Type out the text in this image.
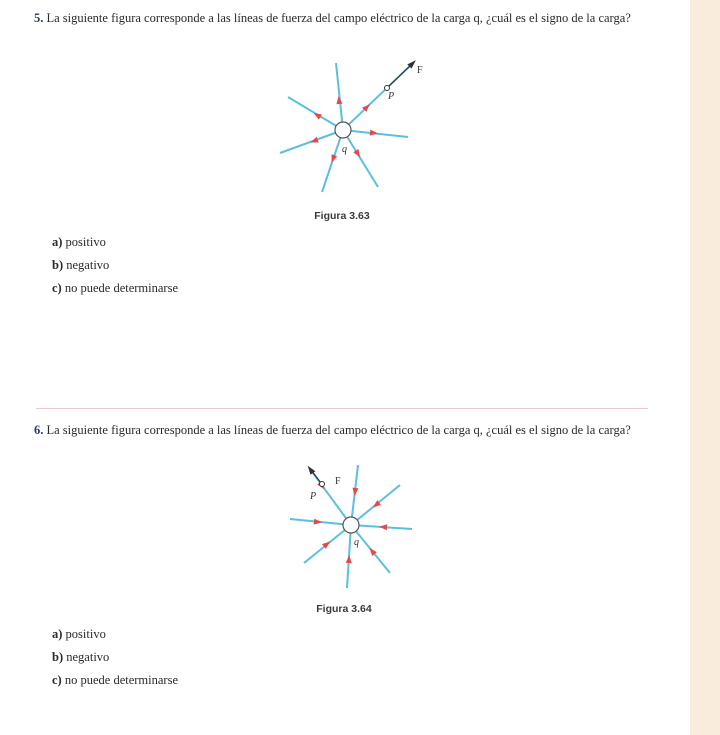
5. La siguiente figura corresponde a las líneas de fuerza del campo eléctrico de la carga q, ¿cuál es el signo de la carga?
F
P
q
Figura 3.63
a) positivo
b) negativo
c) no puede determinarse
6. La siguiente figura corresponde a las líneas de fuerza del campo eléctrico de la carga q, ¿cuál es el signo de la carga?
F
P
q
Figura 3.64
a) positivo
b) negativo
c) no puede determinarse
